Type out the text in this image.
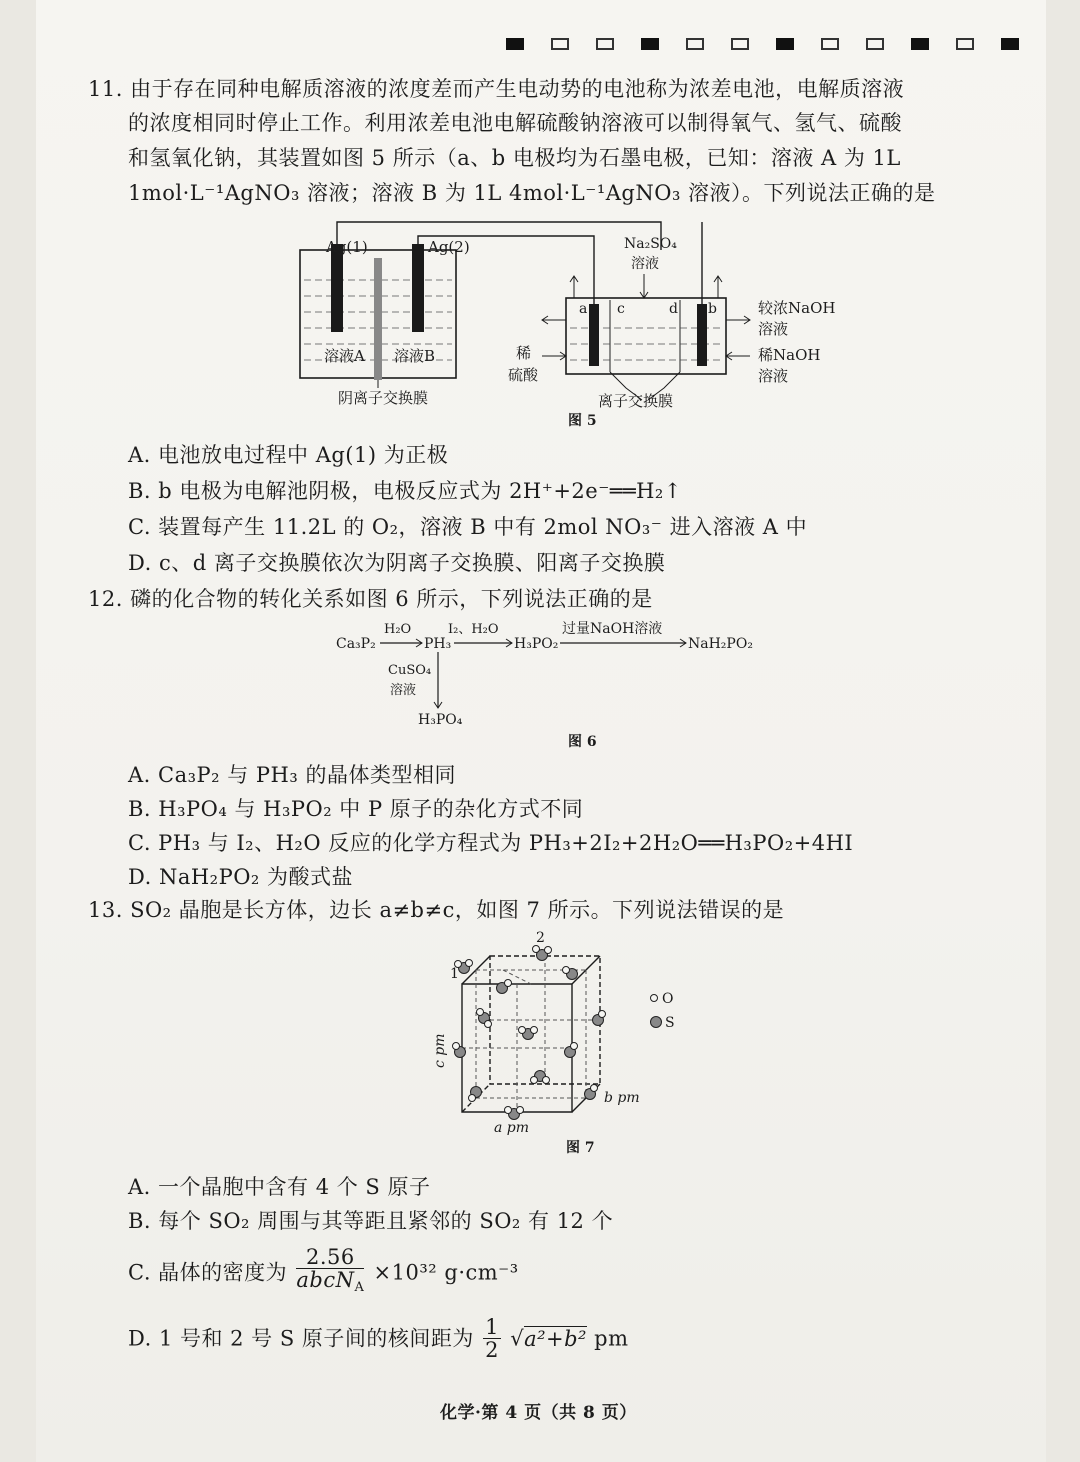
11. 由于存在同种电解质溶液的浓度差而产生电动势的电池称为浓差电池，电解质溶液
的浓度相同时停止工作。利用浓差电池电解硫酸钠溶液可以制得氧气、氢气、硫酸
和氢氧化钠，其装置如图 5 所示（a、b 电极均为石墨电极，已知：溶液 A 为 1L
1mol·L⁻¹AgNO₃ 溶液；溶液 B 为 1L 4mol·L⁻¹AgNO₃ 溶液）。下列说法正确的是
Ag(1)	Ag(2)
溶液A 溶液B
阴离子交换膜
a c	d b
Na₂SO₄
溶液
较浓NaOH
溶液
稀NaOH
溶液
稀
硫酸
离子交换膜
图 5
A. 电池放电过程中 Ag(1) 为正极
B. b 电极为电解池阴极，电极反应式为 2H⁺+2e⁻══H₂↑
C. 装置每产生 11.2L 的 O₂，溶液 B 中有 2mol NO₃⁻ 进入溶液 A 中
D. c、d 离子交换膜依次为阴离子交换膜、阳离子交换膜
12. 磷的化合物的转化关系如图 6 所示，下列说法正确的是
Ca₃P₂
H₂O
PH₃
I₂、H₂O
H₃PO₂
过量NaOH溶液
NaH₂PO₂
CuSO₄
溶液
H₃PO₄
图 6
A. Ca₃P₂ 与 PH₃ 的晶体类型相同
B. H₃PO₄ 与 H₃PO₂ 中 P 原子的杂化方式不同
C. PH₃ 与 I₂、H₂O 反应的化学方程式为 PH₃+2I₂+2H₂O══H₃PO₂+4HI
D. NaH₂PO₂ 为酸式盐
13. SO₂ 晶胞是长方体，边长 a≠b≠c，如图 7 所示。下列说法错误的是
1
2
O
S
c pm
b pm
a pm
图 7
A. 一个晶胞中含有 4 个 S 原子
B. 每个 SO₂ 周围与其等距且紧邻的 SO₂ 有 12 个
C. 晶体的密度为 $\frac{2.56}{abcN_A} \times 10^{32}$ g·cm⁻³
D. 1 号和 2 号 S 原子间的核间距为 $\frac{1}{2} √a^2+b^2$ pm
化学·第 4 页（共 8 页）
